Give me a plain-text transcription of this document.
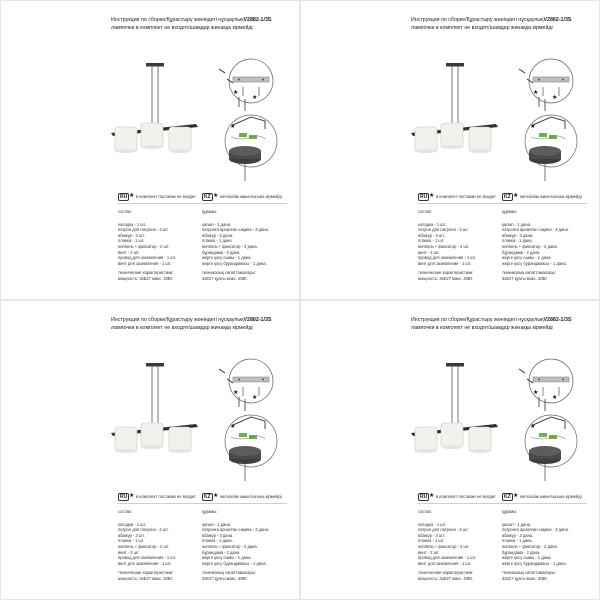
Инструкция по сборке/Құрастыру жөніндегі нұсқаулықV2882-1/3S
лампочки в комплект не входят/шамдар жинаққа кірмейді
★
★
★
RU ★ в комплект поставки не входит	KZ ★ жеткізілім жиынтығына кірмейді
состав:
колодка - 1 шт.
патрон для патрона - 3 шт.
абажур - 3 шт.
планка - 1 шт.
ниппель + фиксатор - 2 шт.
винт - 2 шт.
провод для заземления - 1 шт.
винт для заземления - 1 шт.
технические характеристики:
мощность: 3xE27 макс. 40Вт.
құрамы:
қалып - 1 дана.
патронға арналған сақина - 3 дана.
абажур - 3 дана.
планка - 1 дана.
ниппель + фиксатор - 2 дана.
бұрандама - 2 дана.
жерге қосу сымы - 1 дана.
жерге қосу бұрандамасы - 1 дана.
техникалық сипаттамалары:
3xE27 қуаты макс. 40Вт.
Инструкция по сборке/Құрастыру жөніндегі нұсқаулықV2882-1/3S
лампочки в комплект не входят/шамдар жинаққа кірмейді
★
★
★
RU ★ в комплект поставки не входит	KZ ★ жеткізілім жиынтығына кірмейді
состав:
колодка - 1 шт.
патрон для патрона - 3 шт.
абажур - 3 шт.
планка - 1 шт.
ниппель + фиксатор - 2 шт.
винт - 2 шт.
провод для заземления - 1 шт.
винт для заземления - 1 шт.
технические характеристики:
мощность: 3xE27 макс. 40Вт.
құрамы:
қалып - 1 дана.
патронға арналған сақина - 3 дана.
абажур - 3 дана.
планка - 1 дана.
ниппель + фиксатор - 2 дана.
бұрандама - 2 дана.
жерге қосу сымы - 1 дана.
жерге қосу бұрандамасы - 1 дана.
техникалық сипаттамалары:
3xE27 қуаты макс. 40Вт.
Инструкция по сборке/Құрастыру жөніндегі нұсқаулықV2882-1/3S
лампочки в комплект не входят/шамдар жинаққа кірмейді
★
★
★
RU ★ в комплект поставки не входит	KZ ★ жеткізілім жиынтығына кірмейді
состав:
колодка - 1 шт.
патрон для патрона - 3 шт.
абажур - 3 шт.
планка - 1 шт.
ниппель + фиксатор - 2 шт.
винт - 2 шт.
провод для заземления - 1 шт.
винт для заземления - 1 шт.
технические характеристики:
мощность: 3xE27 макс. 40Вт.
құрамы:
қалып - 1 дана.
патронға арналған сақина - 3 дана.
абажур - 3 дана.
планка - 1 дана.
ниппель + фиксатор - 2 дана.
бұрандама - 2 дана.
жерге қосу сымы - 1 дана.
жерге қосу бұрандамасы - 1 дана.
техникалық сипаттамалары:
3xE27 қуаты макс. 40Вт.
Инструкция по сборке/Құрастыру жөніндегі нұсқаулықV2882-1/3S
лампочки в комплект не входят/шамдар жинаққа кірмейді
★
★
★
RU ★ в комплект поставки не входит	KZ ★ жеткізілім жиынтығына кірмейді
состав:
колодка - 1 шт.
патрон для патрона - 3 шт.
абажур - 3 шт.
планка - 1 шт.
ниппель + фиксатор - 2 шт.
винт - 2 шт.
провод для заземления - 1 шт.
винт для заземления - 1 шт.
технические характеристики:
мощность: 3xE27 макс. 40Вт.
құрамы:
қалып - 1 дана.
патронға арналған сақина - 3 дана.
абажур - 3 дана.
планка - 1 дана.
ниппель + фиксатор - 2 дана.
бұрандама - 2 дана.
жерге қосу сымы - 1 дана.
жерге қосу бұрандамасы - 1 дана.
техникалық сипаттамалары:
3xE27 қуаты макс. 40Вт.
